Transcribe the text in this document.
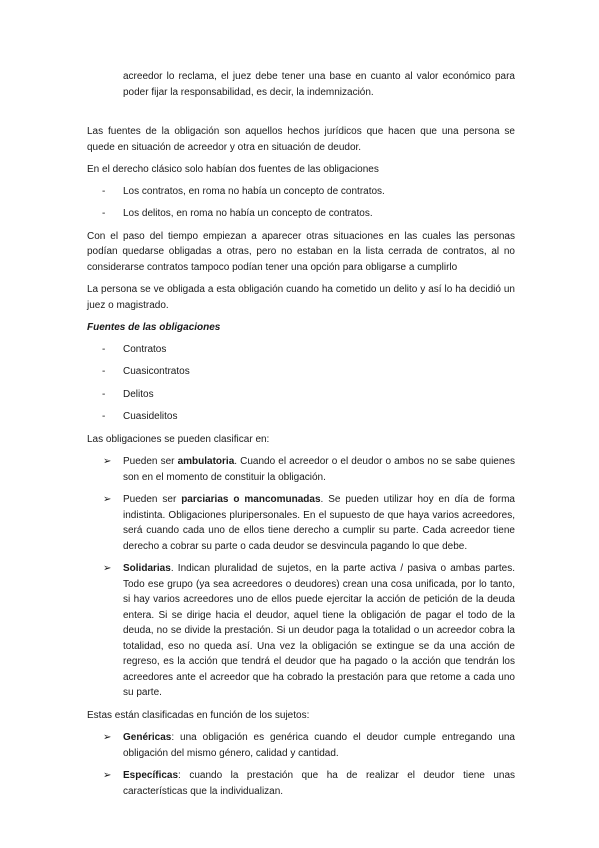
acreedor lo reclama, el juez debe tener una base en cuanto al valor económico para poder fijar la responsabilidad, es decir, la indemnización.

Las fuentes de la obligación son aquellos hechos jurídicos que hacen que una persona se quede en situación de acreedor y otra en situación de deudor.

En el derecho clásico solo habían dos fuentes de las obligaciones

-	Los contratos, en roma no había un concepto de contratos.
-	Los delitos, en roma no había un concepto de contratos.

Con el paso del tiempo empiezan a aparecer otras situaciones en las cuales las personas podían quedarse obligadas a otras, pero no estaban en la lista cerrada de contratos, al no considerarse contratos tampoco podían tener una opción para obligarse a cumplirlo

La persona se ve obligada a esta obligación cuando ha cometido un delito y así lo ha decidió un juez o magistrado.

Fuentes de las obligaciones

-	Contratos
-	Cuasicontratos
-	Delitos
-	Cuasidelitos

Las obligaciones se pueden clasificar en:

➢	Pueden ser ambulatoria. Cuando el acreedor o el deudor o ambos no se sabe quienes son en el momento de constituir la obligación.
➢	Pueden ser parciarias o mancomunadas. Se pueden utilizar hoy en día de forma indistinta. Obligaciones pluripersonales. En el supuesto de que haya varios acreedores, será cuando cada uno de ellos tiene derecho a cumplir su parte. Cada acreedor tiene derecho a cobrar su parte o cada deudor se desvincula pagando lo que debe.
➢	Solidarias. Indican pluralidad de sujetos, en la parte activa / pasiva o ambas partes. Todo ese grupo (ya sea acreedores o deudores) crean una cosa unificada, por lo tanto, si hay varios acreedores uno de ellos puede ejercitar la acción de petición de la deuda entera. Si se dirige hacia el deudor, aquel tiene la obligación de pagar el todo de la deuda, no se divide la prestación. Si un deudor paga la totalidad o un acreedor cobra la totalidad, eso no queda así. Una vez la obligación se extingue se da una acción de regreso, es la acción que tendrá el deudor que ha pagado o la acción que tendrán los acreedores ante el acreedor que ha cobrado la prestación para que retome a cada uno su parte.

Estas están clasificadas en función de los sujetos:

➢	Genéricas: una obligación es genérica cuando el deudor cumple entregando una obligación del mismo género, calidad y cantidad.
➢	Específicas: cuando la prestación que ha de realizar el deudor tiene unas características que la individualizan.
